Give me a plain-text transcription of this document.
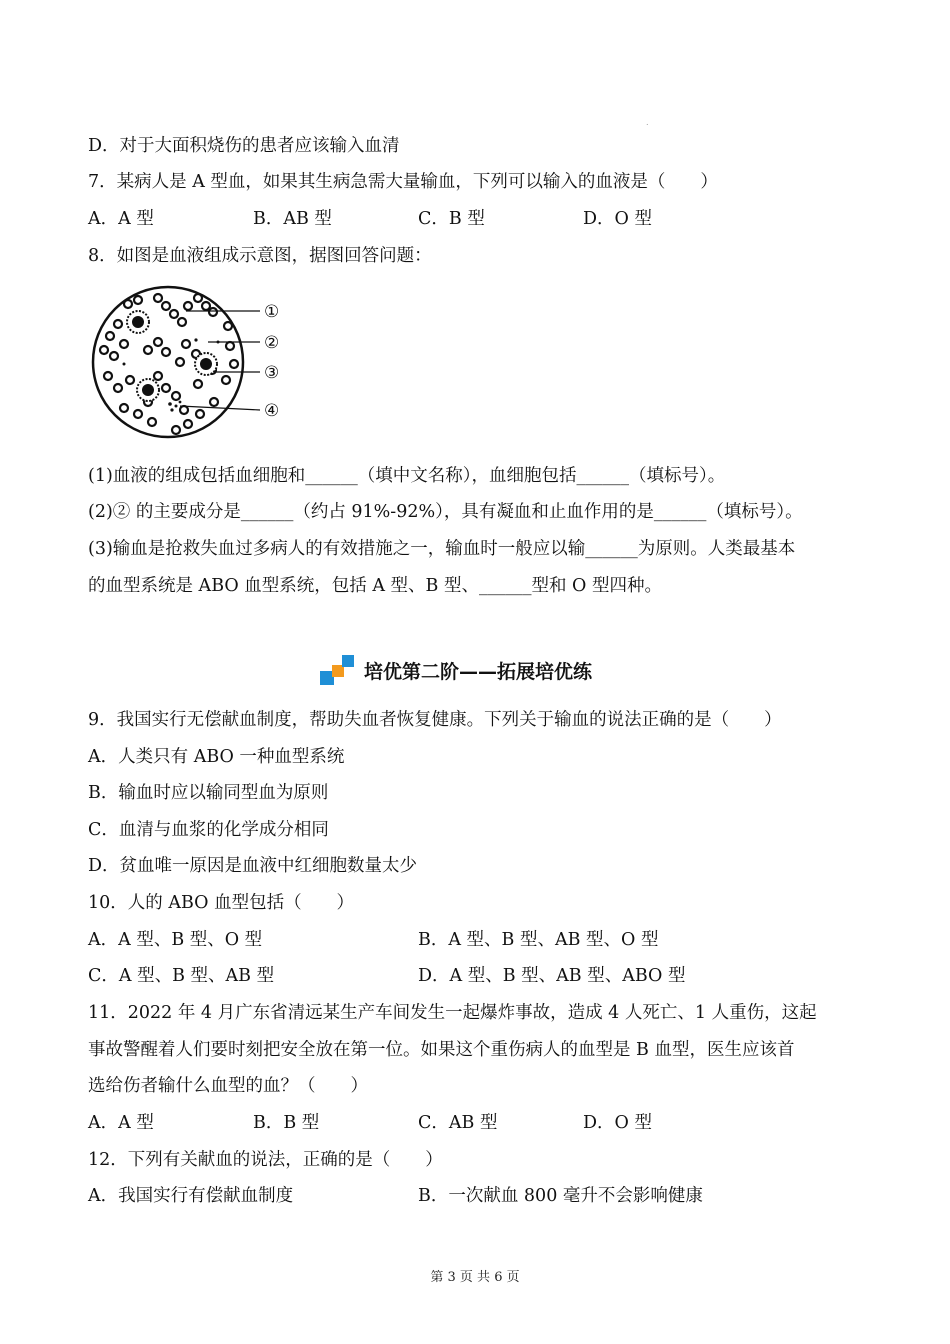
.
D．对于大面积烧伤的患者应该输入血清
7．某病人是 A 型血，如果其生病急需大量输血，下列可以输入的血液是（　　）
A．A 型	B．AB 型	C．B 型	D．O 型
8．如图是血液组成示意图，据图回答问题：
①
②
③
④
(1)血液的组成包括血细胞和______（填中文名称），血细胞包括______（填标号）。
(2)② 的主要成分是______（约占 91%-92%），具有凝血和止血作用的是______（填标号）。
(3)输血是抢救失血过多病人的有效措施之一，输血时一般应以输______为原则。人类最基本
的血型系统是 ABO 血型系统，包括 A 型、B 型、______型和 O 型四种。
培优第二阶——拓展培优练
9．我国实行无偿献血制度，帮助失血者恢复健康。下列关于输血的说法正确的是（　　）
A．人类只有 ABO 一种血型系统
B．输血时应以输同型血为原则
C．血清与血浆的化学成分相同
D．贫血唯一原因是血液中红细胞数量太少
10．人的 ABO 血型包括（　　）
A．A 型、B 型、O 型	B．A 型、B 型、AB 型、O 型
C．A 型、B 型、AB 型	D．A 型、B 型、AB 型、ABO 型
11．2022 年 4 月广东省清远某生产车间发生一起爆炸事故，造成 4 人死亡、1 人重伤，这起
事故警醒着人们要时刻把安全放在第一位。如果这个重伤病人的血型是 B 血型，医生应该首
选给伤者输什么血型的血？（　　）
A．A 型	B．B 型	C．AB 型	D．O 型
12．下列有关献血的说法，正确的是（　　）
A．我国实行有偿献血制度	B．一次献血 800 毫升不会影响健康
第 3 页 共 6 页
